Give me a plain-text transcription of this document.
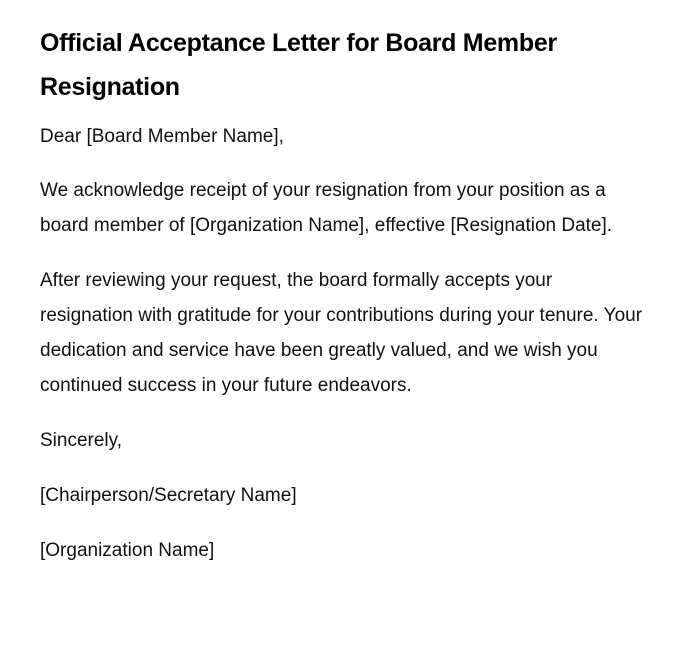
Official Acceptance Letter for Board Member Resignation

Dear [Board Member Name],

We acknowledge receipt of your resignation from your position as a board member of [Organization Name], effective [Resignation Date].

After reviewing your request, the board formally accepts your resignation with gratitude for your contributions during your tenure. Your dedication and service have been greatly valued, and we wish you continued success in your future endeavors.

Sincerely,

[Chairperson/Secretary Name]

[Organization Name]
